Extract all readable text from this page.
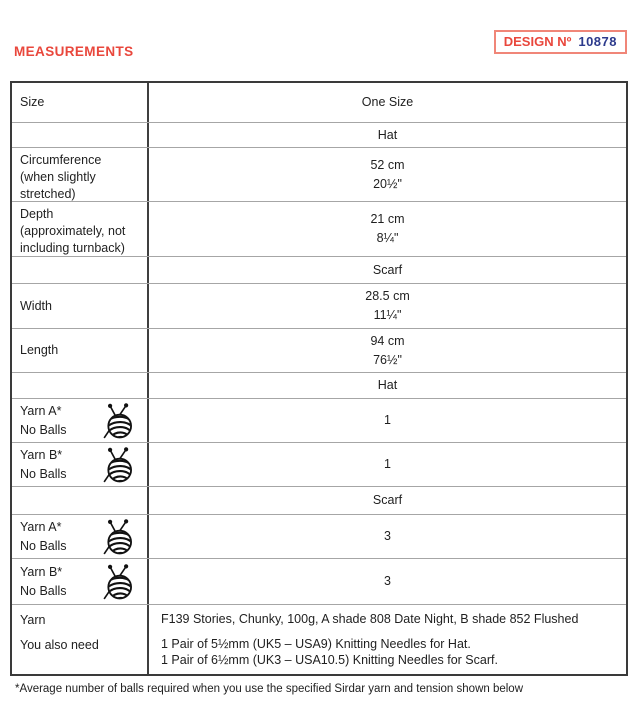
MEASUREMENTS
DESIGN Nº 10878
Size	One Size
Hat
Circumference
(when slightly
stretched)
52 cm
20½"
Depth
(approximately, not
including turnback)
21 cm
8¼"
Scarf
Width
28.5 cm
11¼"
Length
94 cm
76½"
Hat
Yarn A*
No Balls
1
Yarn B*
No Balls
1
Scarf
Yarn A*
No Balls
3
Yarn B*
No Balls
3
Yarn
You also need
F139 Stories, Chunky, 100g, A shade 808 Date Night, B shade 852 Flushed
1 Pair of 5½mm (UK5 – USA9) Knitting Needles for Hat.
1 Pair of 6½mm (UK3 – USA10.5) Knitting Needles for Scarf.
*Average number of balls required when you use the specified Sirdar yarn and tension shown below
